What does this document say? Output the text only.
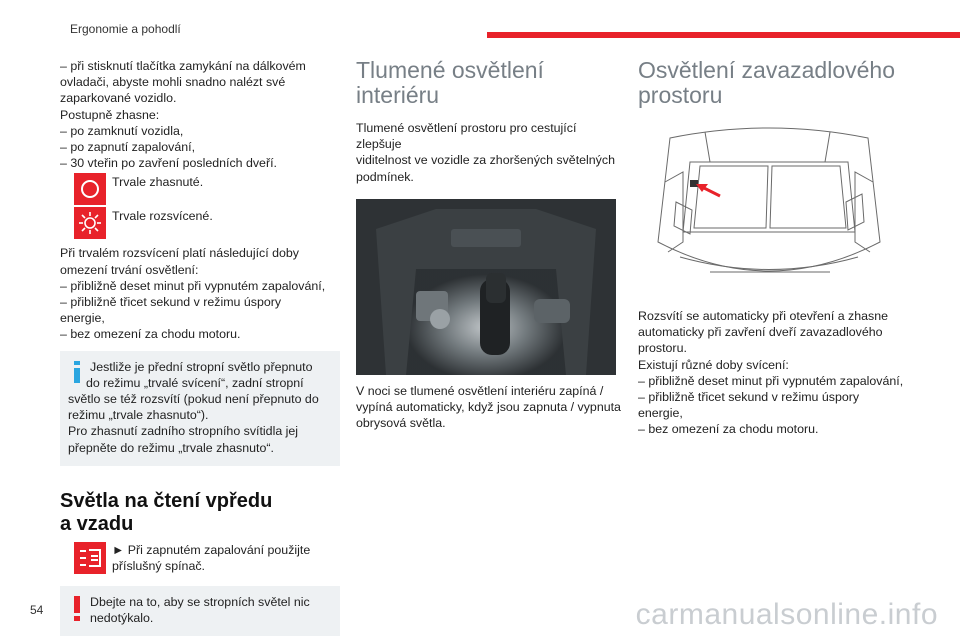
Ergonomie a pohodlí

– při stisknutí tlačítka zamykání na dálkovém

ovladači, abyste mohli snadno nalézt své

zaparkované vozidlo.

Postupně zhasne:

– po zamknutí vozidla,

– po zapnutí zapalování,

– 30 vteřin po zavření posledních dveří.

Trvale zhasnuté.
Trvale rozsvícené.

Při trvalém rozsvícení platí následující doby

omezení trvání osvětlení:

– přibližně deset minut při vypnutém zapalování,

– přibližně třicet sekund v režimu úspory

energie,

– bez omezení za chodu motoru.

Jestliže je přední stropní světlo přepnuto

do režimu „trvalé svícení“, zadní stropní

světlo se též rozsvítí (pokud není přepnuto do

režimu „trvale zhasnuto“).

Pro zhasnutí zadního stropního svítidla jej

přepněte do režimu „trvale zhasnuto“.

Světla na čtení vpředu
a vzadu
► Při zapnutém zapalování použijte
příslušný spínač.

Dbejte na to, aby se stropních světel nic

nedotýkalo.

Tlumené osvětlení
interiéru

Tlumené osvětlení prostoru pro cestující zlepšuje

viditelnost ve vozidle za zhoršených světelných

podmínek.

V noci se tlumené osvětlení interiéru zapíná /

vypíná automaticky, když jsou zapnuta / vypnuta

obrysová světla.

Osvětlení zavazadlového
prostoru

Rozsvítí se automaticky při otevření a zhasne

automaticky při zavření dveří zavazadlového

prostoru.

Existují různé doby svícení:

– přibližně deset minut při vypnutém zapalování,

– přibližně třicet sekund v režimu úspory

energie,

– bez omezení za chodu motoru.

54	carmanualsonline.info
